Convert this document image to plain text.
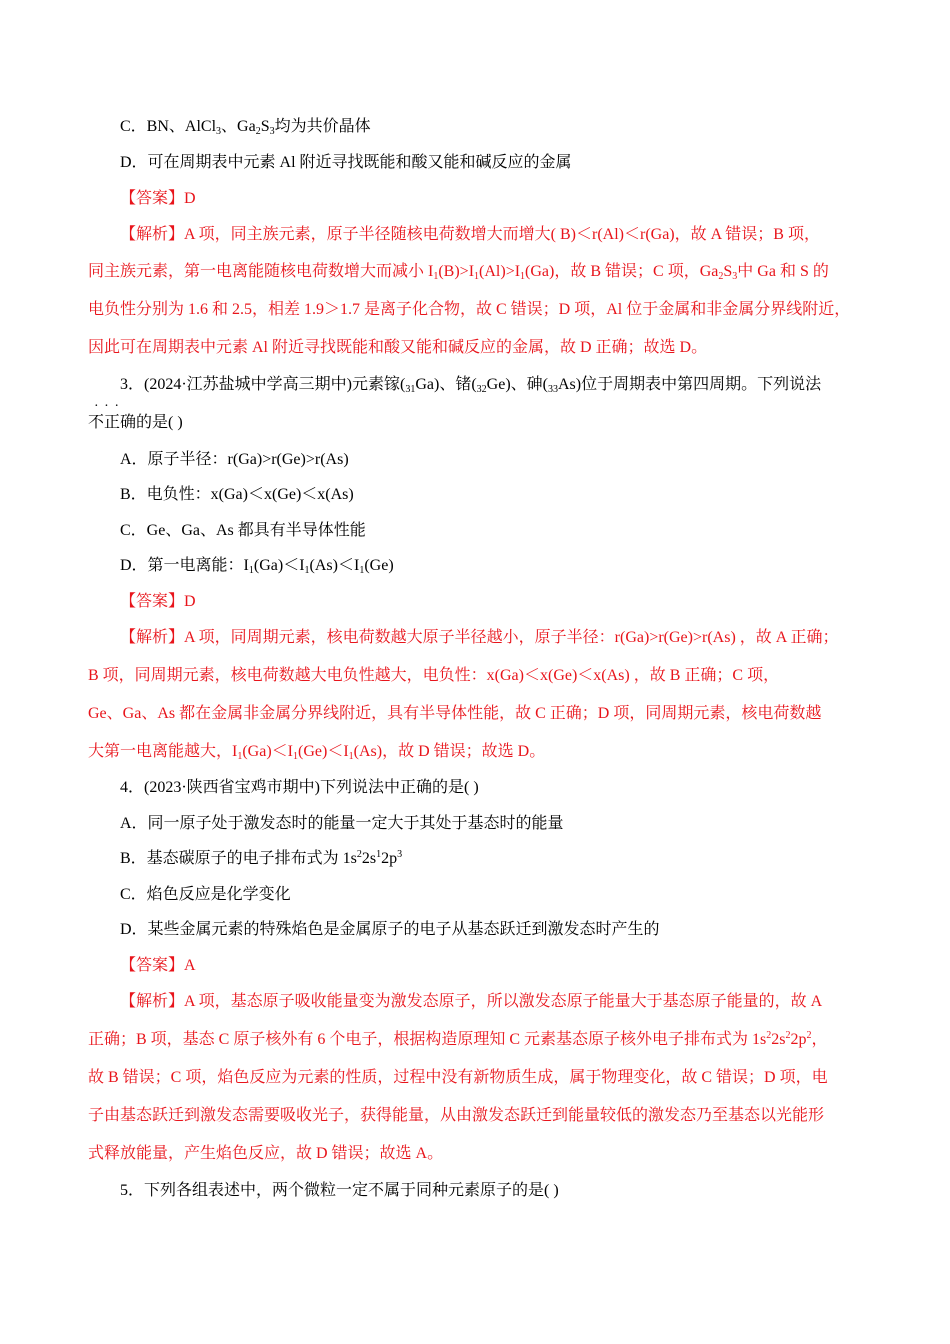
C．BN、AlCl$_3$、$Ga_2S_3$均为共价晶体
D．可在周期表中元素 Al 附近寻找既能和酸又能和碱反应的金属
【答案】D
【解析】A 项，同主族元素，原子半径随核电荷数增大而增大( B)＜r(Al)＜r(Ga)，故 A 错误；B 项，
同主族元素，第一电离能随核电荷数增大而减小 $I_1(B)>I_1(Al)>I_1(Ga)$，故 B 错误；C 项，$Ga_2S_3$中 Ga 和 S 的
电负性分别为 1.6 和 2.5，相差 1.9＞1.7 是离子化合物，故 C 错误；D 项，Al 位于金属和非金属分界线附近，
因此可在周期表中元素 Al 附近寻找既能和酸又能和碱反应的金属，故 D 正确；故选 D。
3．(2024·江苏盐城中学高三期中)元素镓$(_{31}Ga)$、锗$(_{32}Ge)$、砷$(_{33}As)$位于周期表中第四周期。下列说法
· · · 不正确的是( )
A．原子半径：r(Ga)>r(Ge)>r(As)
B．电负性：x(Ga)＜x(Ge)＜x(As)
C．Ge、Ga、As 都具有半导体性能
D．第一电离能：$I_1(Ga)<I_1(As)<I_1(Ge)$
【答案】D
【解析】A 项，同周期元素，核电荷数越大原子半径越小，原子半径：r(Ga)>r(Ge)>r(As) ，故 A 正确；
B 项，同周期元素，核电荷数越大电负性越大，电负性：x(Ga)＜x(Ge)＜x(As) ，故 B 正确；C 项，
Ge、Ga、As 都在金属非金属分界线附近，具有半导体性能，故 C 正确；D 项，同周期元素，核电荷数越
大第一电离能越大，$I_1(Ga)<I_1(Ge)<I_1(As)$，故 D 错误；故选 D。
4．(2023·陕西省宝鸡市期中)下列说法中正确的是( )
A．同一原子处于激发态时的能量一定大于其处于基态时的能量
B．基态碳原子的电子排布式为 $1s^22s^12p^3$
C．焰色反应是化学变化
D．某些金属元素的特殊焰色是金属原子的电子从基态跃迁到激发态时产生的
【答案】A
【解析】A 项，基态原子吸收能量变为激发态原子，所以激发态原子能量大于基态原子能量的，故 A
正确；B 项，基态 C 原子核外有 6 个电子，根据构造原理知 C 元素基态原子核外电子排布式为 $1s^22s^22p^2$，
故 B 错误；C 项，焰色反应为元素的性质，过程中没有新物质生成，属于物理变化，故 C 错误；D 项，电
子由基态跃迁到激发态需要吸收光子，获得能量，从由激发态跃迁到能量较低的激发态乃至基态以光能形
式释放能量，产生焰色反应，故 D 错误；故选 A。
5．下列各组表述中，两个微粒一定不属于同种元素原子的是( )
